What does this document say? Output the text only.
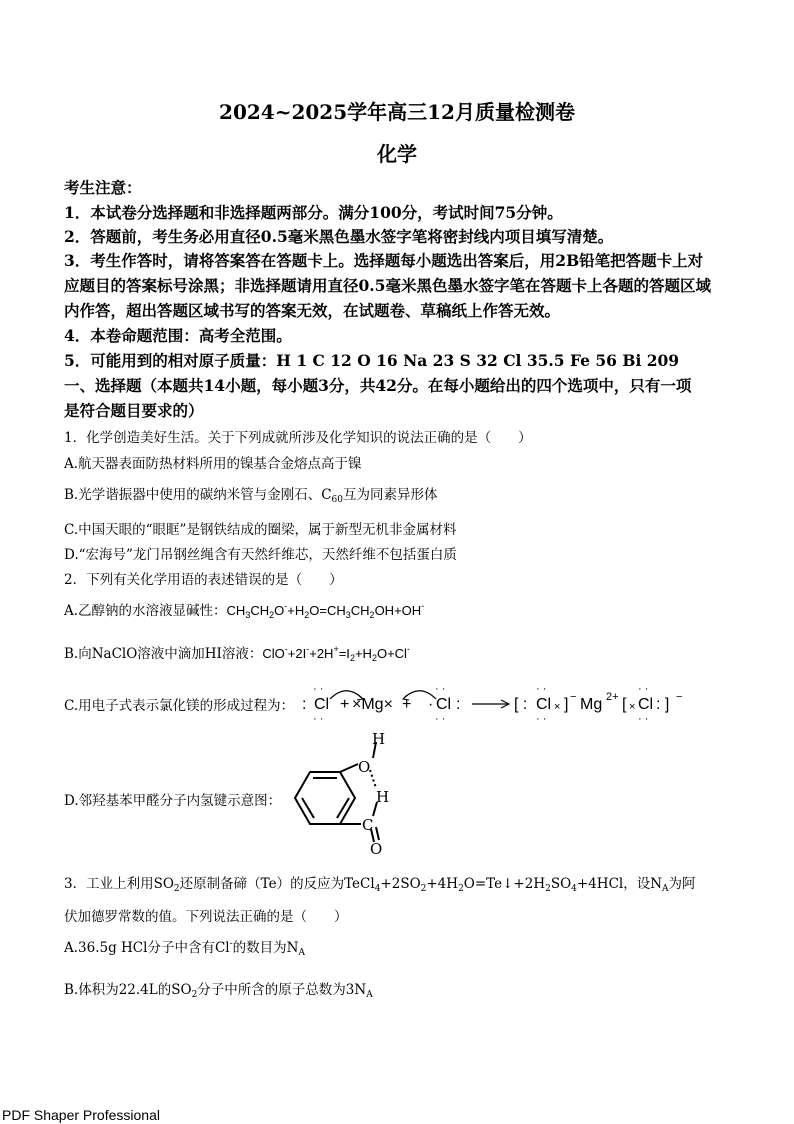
2024~2025学年高三12月质量检测卷
化学
考生注意：
1．本试卷分选择题和非选择题两部分。满分100分，考试时间75分钟。
2．答题前，考生务必用直径0.5毫米黑色墨水签字笔将密封线内项目填写清楚。
3．考生作答时，请将答案答在答题卡上。选择题每小题选出答案后，用2B铅笔把答题卡上对
应题目的答案标号涂黑；非选择题请用直径0.5毫米黑色墨水签字笔在答题卡上各题的答题区域
内作答，超出答题区域书写的答案无效，在试题卷、草稿纸上作答无效。
4．本卷命题范围：高考全范围。
5．可能用到的相对原子质量：H 1 C 12 O 16 Na 23 S 32 Cl 35.5 Fe 56 Bi 209
一、选择题（本题共14小题，每小题3分，共42分。在每小题给出的四个选项中，只有一项
是符合题目要求的）
1．化学创造美好生活。关于下列成就所涉及化学知识的说法正确的是（　　）
A.航天器表面防热材料所用的镍基合金熔点高于镍
B.光学谐振器中使用的碳纳米管与金刚石、$C_{60}$互为同素异形体
C.中国天眼的“眼眶”是钢铁结成的圈梁，属于新型无机非金属材料
D.“宏海号”龙门吊钢丝绳含有天然纤维芯，天然纤维不包括蛋白质
2．下列有关化学用语的表述错误的是（　　）
A.乙醇钠的水溶液显碱性：$CH_3CH_2O^-+H_2O=CH_3CH_2OH+OH^-$
B.向NaClO溶液中滴加HI溶液：$ClO^-+2I^-+2H^+=I_2+H_2O+Cl^-$
C.用电子式表示氯化镁的形成过程为： : Cl
· ·
· ·
+ ×Mg× + · Cl :
· ·
· ·
[ : Cl ×
· ·
· ·
] − Mg 2+ [ × Cl : ]
· ·
· ·
−
D.邻羟基苯甲醛分子内氢键示意图：
H
O
H
C
O
3．工业上利用$SO_2$还原制备碲（Te）的反应为$TeCl_4+2SO_2+4H_2O=Te↓+2H_2SO_4+4HCl$，设$N_A$为阿
伏加德罗常数的值。下列说法正确的是（　　）
A.36.5g HCl分子中含有Cl-的数目为$N_A$
B.体积为22.4L的$SO_2$分子中所含的原子总数为$3N_A$
PDF Shaper Professional
